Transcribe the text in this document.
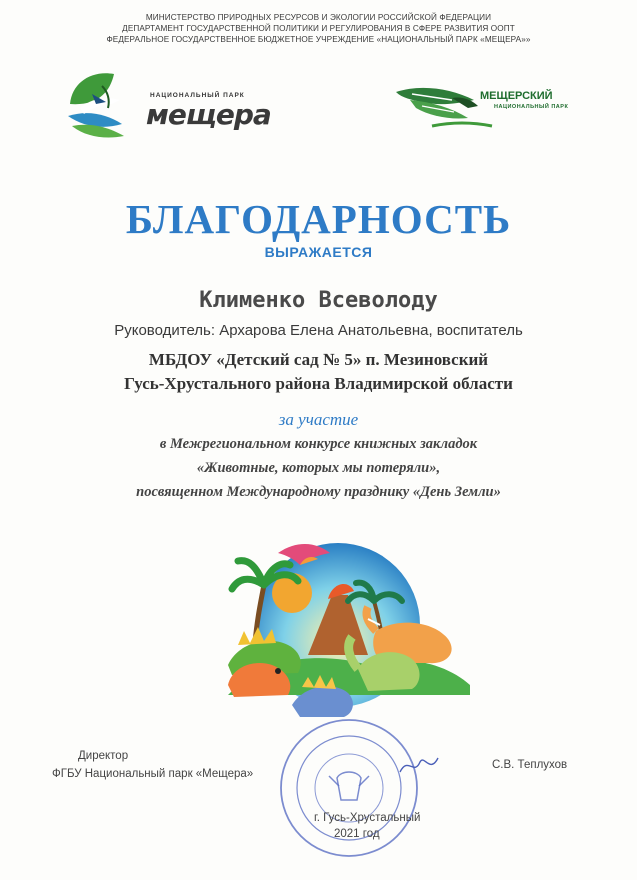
МИНИСТЕРСТВО ПРИРОДНЫХ РЕСУРСОВ И ЭКОЛОГИИ РОССИЙСКОЙ ФЕДЕРАЦИИ
ДЕПАРТАМЕНТ ГОСУДАРСТВЕННОЙ ПОЛИТИКИ И РЕГУЛИРОВАНИЯ В СФЕРЕ РАЗВИТИЯ ООПТ
ФЕДЕРАЛЬНОЕ ГОСУДАРСТВЕННОЕ БЮДЖЕТНОЕ УЧРЕЖДЕНИЕ «НАЦИОНАЛЬНЫЙ ПАРК «МЕЩЕРА»»
НАЦИОНАЛЬНЫЙ ПАРК
мещера
МЕЩЕРСКИЙ
НАЦИОНАЛЬНЫЙ ПАРК
БЛАГОДАРНОСТЬ
ВЫРАЖАЕТСЯ
Клименко Всеволоду
Руководитель: Архарова Елена Анатольевна, воспитатель
МБДОУ «Детский сад № 5» п. Мезиновский
Гусь-Хрустального района Владимирской области
за участие
в Межрегиональном конкурсе книжных закладок
«Животные, которых мы потеряли»,
посвященном Международному празднику «День Земли»
Директор
ФГБУ Национальный парк «Мещера»
С.В. Теплухов
г. Гусь-Хрустальный
2021 год
